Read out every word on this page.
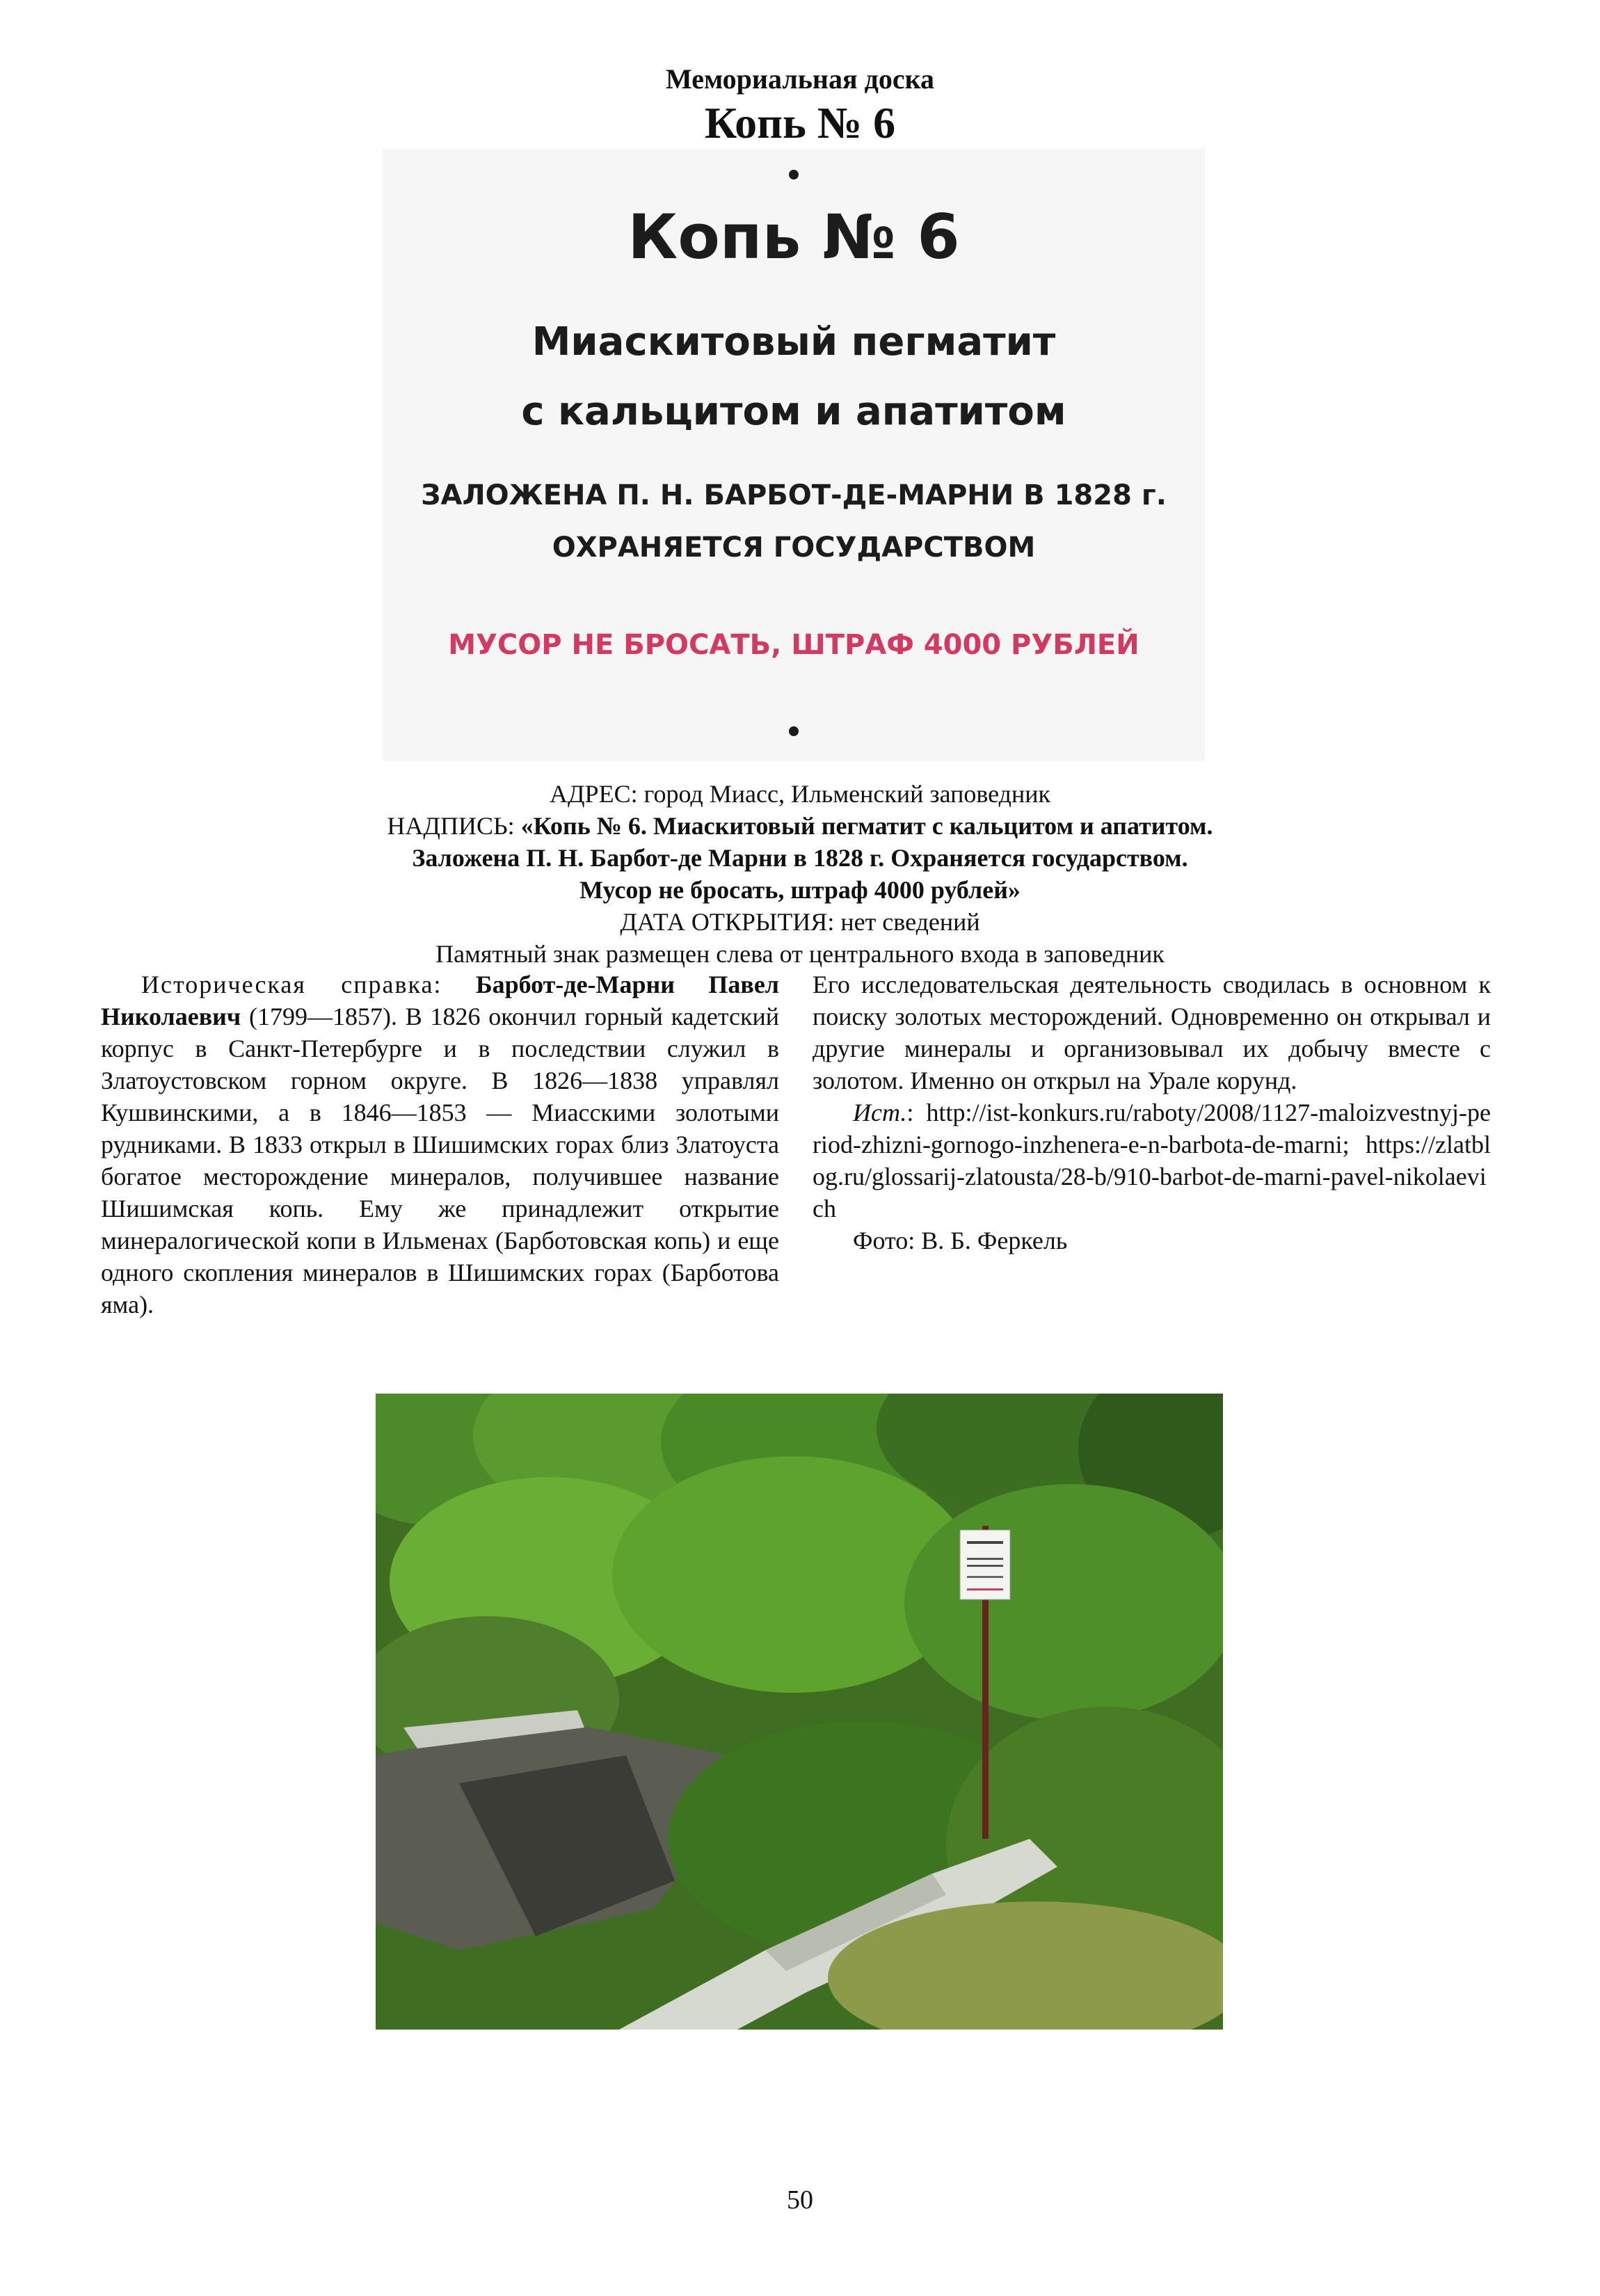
Мемориальная доска
Копь № 6
Копь № 6
Миаскитовый пегматит
с кальцитом и апатитом
ЗАЛОЖЕНА П. Н. БАРБОТ-ДЕ-МАРНИ В 1828 г.
ОХРАНЯЕТСЯ ГОСУДАРСТВОМ
МУСОР НЕ БРОСАТЬ, ШТРАФ 4000 РУБЛЕЙ
АДРЕС: город Миасс, Ильменский заповедник
НАДПИСЬ: «Копь № 6. Миаскитовый пегматит с кальцитом и апатитом.
Заложена П. Н. Барбот-де Марни в 1828 г. Охраняется государством.
Мусор не бросать, штраф 4000 рублей»
ДАТА ОТКРЫТИЯ: нет сведений
Памятный знак размещен слева от центрального входа в заповедник

Историческая справка: Барбот-де-Марни Павел Николаевич (1799—1857). В 1826 окончил горный кадетский корпус в Санкт-Петербурге и в последствии служил в Златоустовском горном округе. В 1826—1838 управлял Кушвинскими, а в 1846—1853 — Миасскими золотыми рудниками. В 1833 открыл в Шишимских горах близ Златоуста богатое месторождение минералов, получившее название Шишимская копь. Ему же принадлежит открытие минералогической копи в Ильменах (Барботовская копь) и еще одного скопления минералов в Шишимских горах (Барботова яма).

Его исследовательская деятельность сводилась в основном к поиску золотых месторождений. Одновременно он открывал и другие минералы и организовывал их добычу вместе с золотом. Именно он открыл на Урале корунд.

Ист.: http://ist-konkurs.ru/raboty/2008/1127-maloizvestnyj-period-zhizni-gornogo-inzhenera-e-n-barbota-de-marni; https://zlatblog.ru/glossarij-zlatousta/28-b/910-barbot-de-marni-pavel-nikolaevich

Фото: В. Б. Феркель

50
